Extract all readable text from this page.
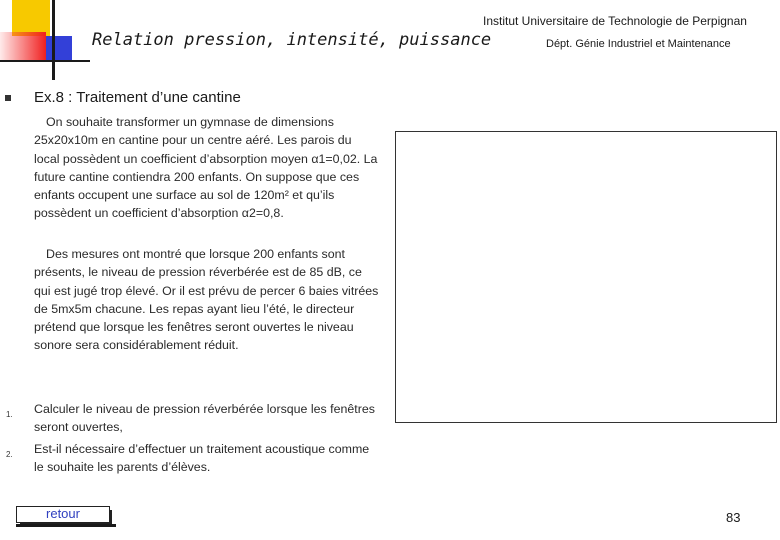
Relation pression, intensité, puissance
Institut Universitaire de Technologie de Perpignan
Dépt. Génie Industriel et Maintenance
Ex.8 : Traitement d’une cantine

On souhaite transformer un gymnase de dimensions 25x20x10m en cantine pour un centre aéré. Les parois du local possèdent un coefficient d’absorption moyen α1=0,02. La future cantine contiendra 200 enfants. On suppose que ces enfants occupent une surface au sol de 120m² et qu’ils possèdent un coefficient d’absorption α2=0,8.

Des mesures ont montré que lorsque 200 enfants sont présents, le niveau de pression réverbérée est de 85 dB, ce qui est jugé trop élevé. Or il est prévu de percer 6 baies vitrées de 5mx5m chacune. Les repas ayant lieu l’été, le directeur prétend que lorsque les fenêtres seront ouvertes le niveau sonore sera considérablement réduit.

1. Calculer le niveau de pression réverbérée lorsque les fenêtres seront ouvertes,

2. Est-il nécessaire d’effectuer un traitement acoustique comme le souhaite les parents d’élèves.

retour	83
